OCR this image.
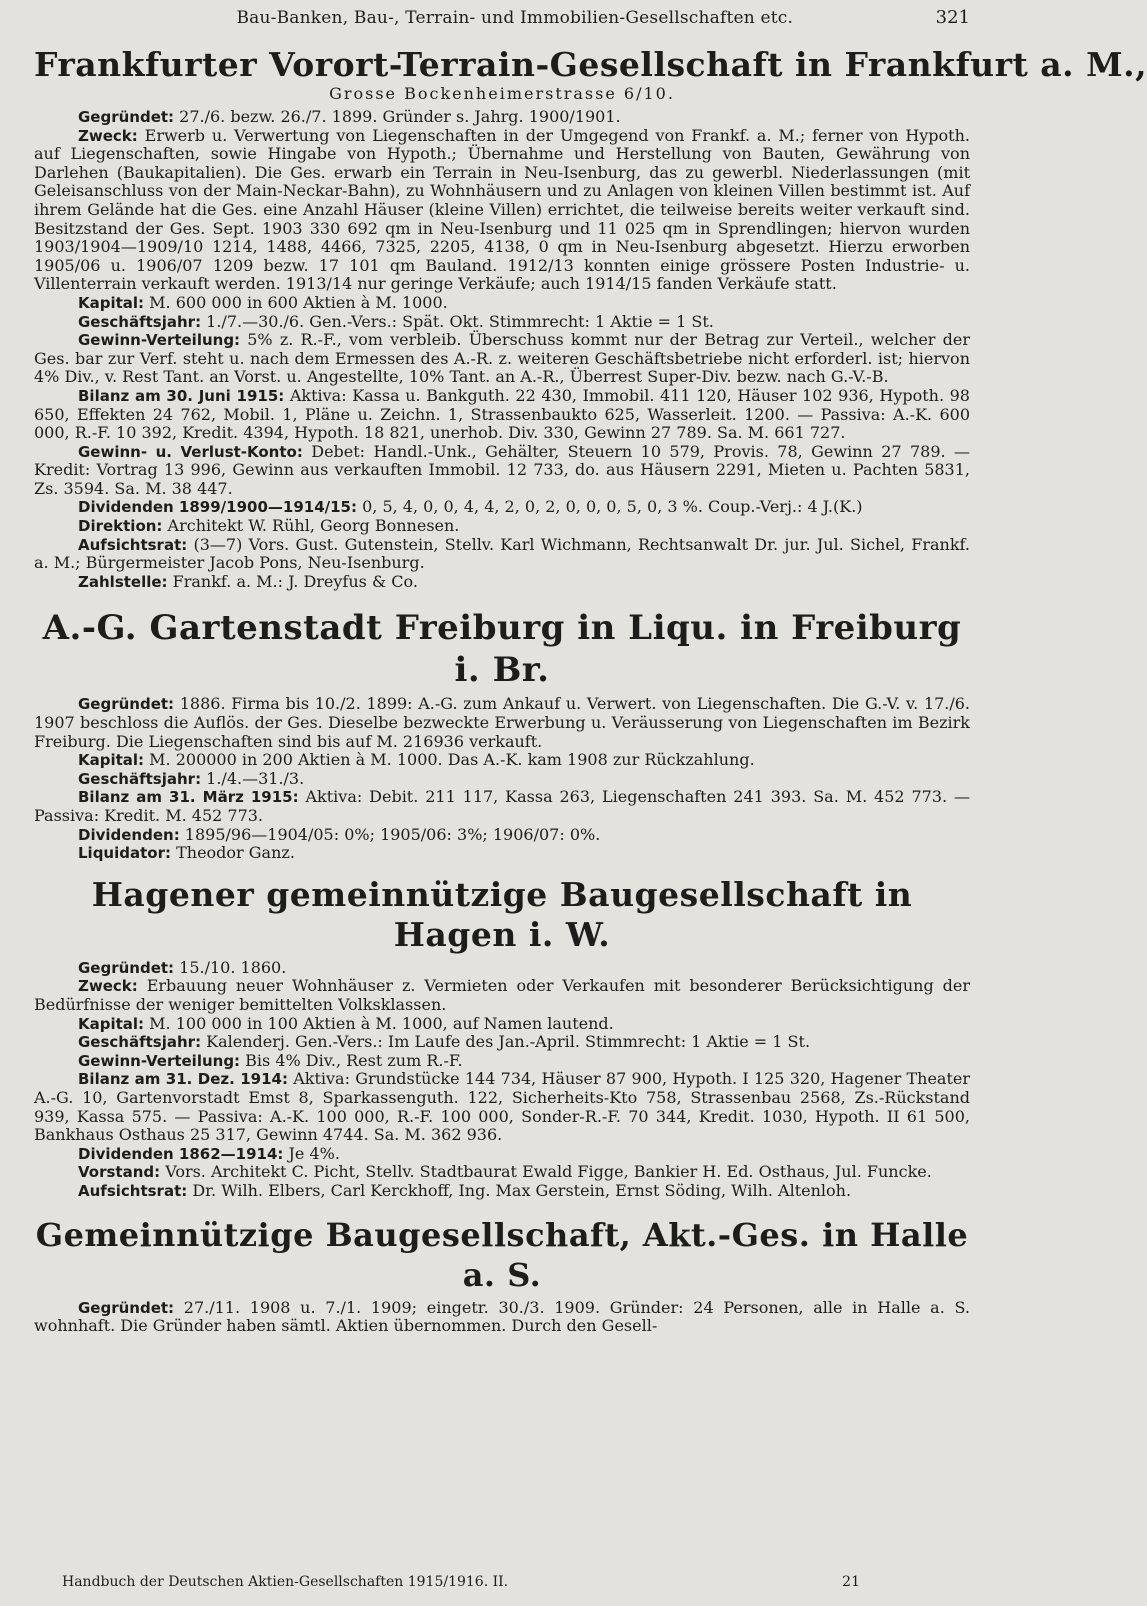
Bau-Banken, Bau-, Terrain- und Immobilien-Gesellschaften etc.	321
Frankfurter Vorort-Terrain-Gesellschaft in Frankfurt a. M.,
Grosse Bockenheimerstrasse 6/10.

Gegründet: 27./6. bezw. 26./7. 1899. Gründer s. Jahrg. 1900/1901.

Zweck: Erwerb u. Verwertung von Liegenschaften in der Umgegend von Frankf. a. M.; ferner von Hypoth. auf Liegenschaften, sowie Hingabe von Hypoth.; Übernahme und Herstellung von Bauten, Gewährung von Darlehen (Baukapitalien). Die Ges. erwarb ein Terrain in Neu-Isenburg, das zu gewerbl. Niederlassungen (mit Geleisanschluss von der Main-Neckar-Bahn), zu Wohnhäusern und zu Anlagen von kleinen Villen bestimmt ist. Auf ihrem Gelände hat die Ges. eine Anzahl Häuser (kleine Villen) errichtet, die teilweise bereits weiter verkauft sind. Besitzstand der Ges. Sept. 1903 330 692 qm in Neu-Isenburg und 11 025 qm in Sprendlingen; hiervon wurden 1903/1904—1909/10 1214, 1488, 4466, 7325, 2205, 4138, 0 qm in Neu-Isenburg abgesetzt. Hierzu erworben 1905/06 u. 1906/07 1209 bezw. 17 101 qm Bauland. 1912/13 konnten einige grössere Posten Industrie- u. Villenterrain verkauft werden. 1913/14 nur geringe Verkäufe; auch 1914/15 fanden Verkäufe statt.

Kapital: M. 600 000 in 600 Aktien à M. 1000.

Geschäftsjahr: 1./7.—30./6. Gen.-Vers.: Spät. Okt. Stimmrecht: 1 Aktie = 1 St.

Gewinn-Verteilung: 5% z. R.-F., vom verbleib. Überschuss kommt nur der Betrag zur Verteil., welcher der Ges. bar zur Verf. steht u. nach dem Ermessen des A.-R. z. weiteren Geschäftsbetriebe nicht erforderl. ist; hiervon 4% Div., v. Rest Tant. an Vorst. u. Angestellte, 10% Tant. an A.-R., Überrest Super-Div. bezw. nach G.-V.-B.

Bilanz am 30. Juni 1915: Aktiva: Kassa u. Bankguth. 22 430, Immobil. 411 120, Häuser 102 936, Hypoth. 98 650, Effekten 24 762, Mobil. 1, Pläne u. Zeichn. 1, Strassenbaukto 625, Wasserleit. 1200. — Passiva: A.-K. 600 000, R.-F. 10 392, Kredit. 4394, Hypoth. 18 821, unerhob. Div. 330, Gewinn 27 789. Sa. M. 661 727.

Gewinn- u. Verlust-Konto: Debet: Handl.-Unk., Gehälter, Steuern 10 579, Provis. 78, Gewinn 27 789. — Kredit: Vortrag 13 996, Gewinn aus verkauften Immobil. 12 733, do. aus Häusern 2291, Mieten u. Pachten 5831, Zs. 3594. Sa. M. 38 447.

Dividenden 1899/1900—1914/15: 0, 5, 4, 0, 0, 4, 4, 2, 0, 2, 0, 0, 0, 5, 0, 3 %. Coup.-Verj.: 4 J.(K.)

Direktion: Architekt W. Rühl, Georg Bonnesen.

Aufsichtsrat: (3—7) Vors. Gust. Gutenstein, Stellv. Karl Wichmann, Rechtsanwalt Dr. jur. Jul. Sichel, Frankf. a. M.; Bürgermeister Jacob Pons, Neu-Isenburg.

Zahlstelle: Frankf. a. M.: J. Dreyfus & Co.

A.-G. Gartenstadt Freiburg in Liqu. in Freiburg i. Br.

Gegründet: 1886. Firma bis 10./2. 1899: A.-G. zum Ankauf u. Verwert. von Liegenschaften. Die G.-V. v. 17./6. 1907 beschloss die Auflös. der Ges. Dieselbe bezweckte Erwerbung u. Veräusserung von Liegenschaften im Bezirk Freiburg. Die Liegenschaften sind bis auf M. 216936 verkauft.

Kapital: M. 200000 in 200 Aktien à M. 1000. Das A.-K. kam 1908 zur Rückzahlung.

Geschäftsjahr: 1./4.—31./3.

Bilanz am 31. März 1915: Aktiva: Debit. 211 117, Kassa 263, Liegenschaften 241 393. Sa. M. 452 773. — Passiva: Kredit. M. 452 773.

Dividenden: 1895/96—1904/05: 0%; 1905/06: 3%; 1906/07: 0%.

Liquidator: Theodor Ganz.

Hagener gemeinnützige Baugesellschaft in Hagen i. W.

Gegründet: 15./10. 1860.

Zweck: Erbauung neuer Wohnhäuser z. Vermieten oder Verkaufen mit besonderer Berücksichtigung der Bedürfnisse der weniger bemittelten Volksklassen.

Kapital: M. 100 000 in 100 Aktien à M. 1000, auf Namen lautend.

Geschäftsjahr: Kalenderj. Gen.-Vers.: Im Laufe des Jan.-April. Stimmrecht: 1 Aktie = 1 St.

Gewinn-Verteilung: Bis 4% Div., Rest zum R.-F.

Bilanz am 31. Dez. 1914: Aktiva: Grundstücke 144 734, Häuser 87 900, Hypoth. I 125 320, Hagener Theater A.-G. 10, Gartenvorstadt Emst 8, Sparkassenguth. 122, Sicherheits-Kto 758, Strassenbau 2568, Zs.-Rückstand 939, Kassa 575. — Passiva: A.-K. 100 000, R.-F. 100 000, Sonder-R.-F. 70 344, Kredit. 1030, Hypoth. II 61 500, Bankhaus Osthaus 25 317, Gewinn 4744. Sa. M. 362 936.

Dividenden 1862—1914: Je 4%.

Vorstand: Vors. Architekt C. Picht, Stellv. Stadtbaurat Ewald Figge, Bankier H. Ed. Osthaus, Jul. Funcke.

Aufsichtsrat: Dr. Wilh. Elbers, Carl Kerckhoff, Ing. Max Gerstein, Ernst Söding, Wilh. Altenloh.

Gemeinnützige Baugesellschaft, Akt.-Ges. in Halle a. S.

Gegründet: 27./11. 1908 u. 7./1. 1909; eingetr. 30./3. 1909. Gründer: 24 Personen, alle in Halle a. S. wohnhaft. Die Gründer haben sämtl. Aktien übernommen. Durch den Gesell-

Handbuch der Deutschen Aktien-Gesellschaften 1915/1916. II.	21
